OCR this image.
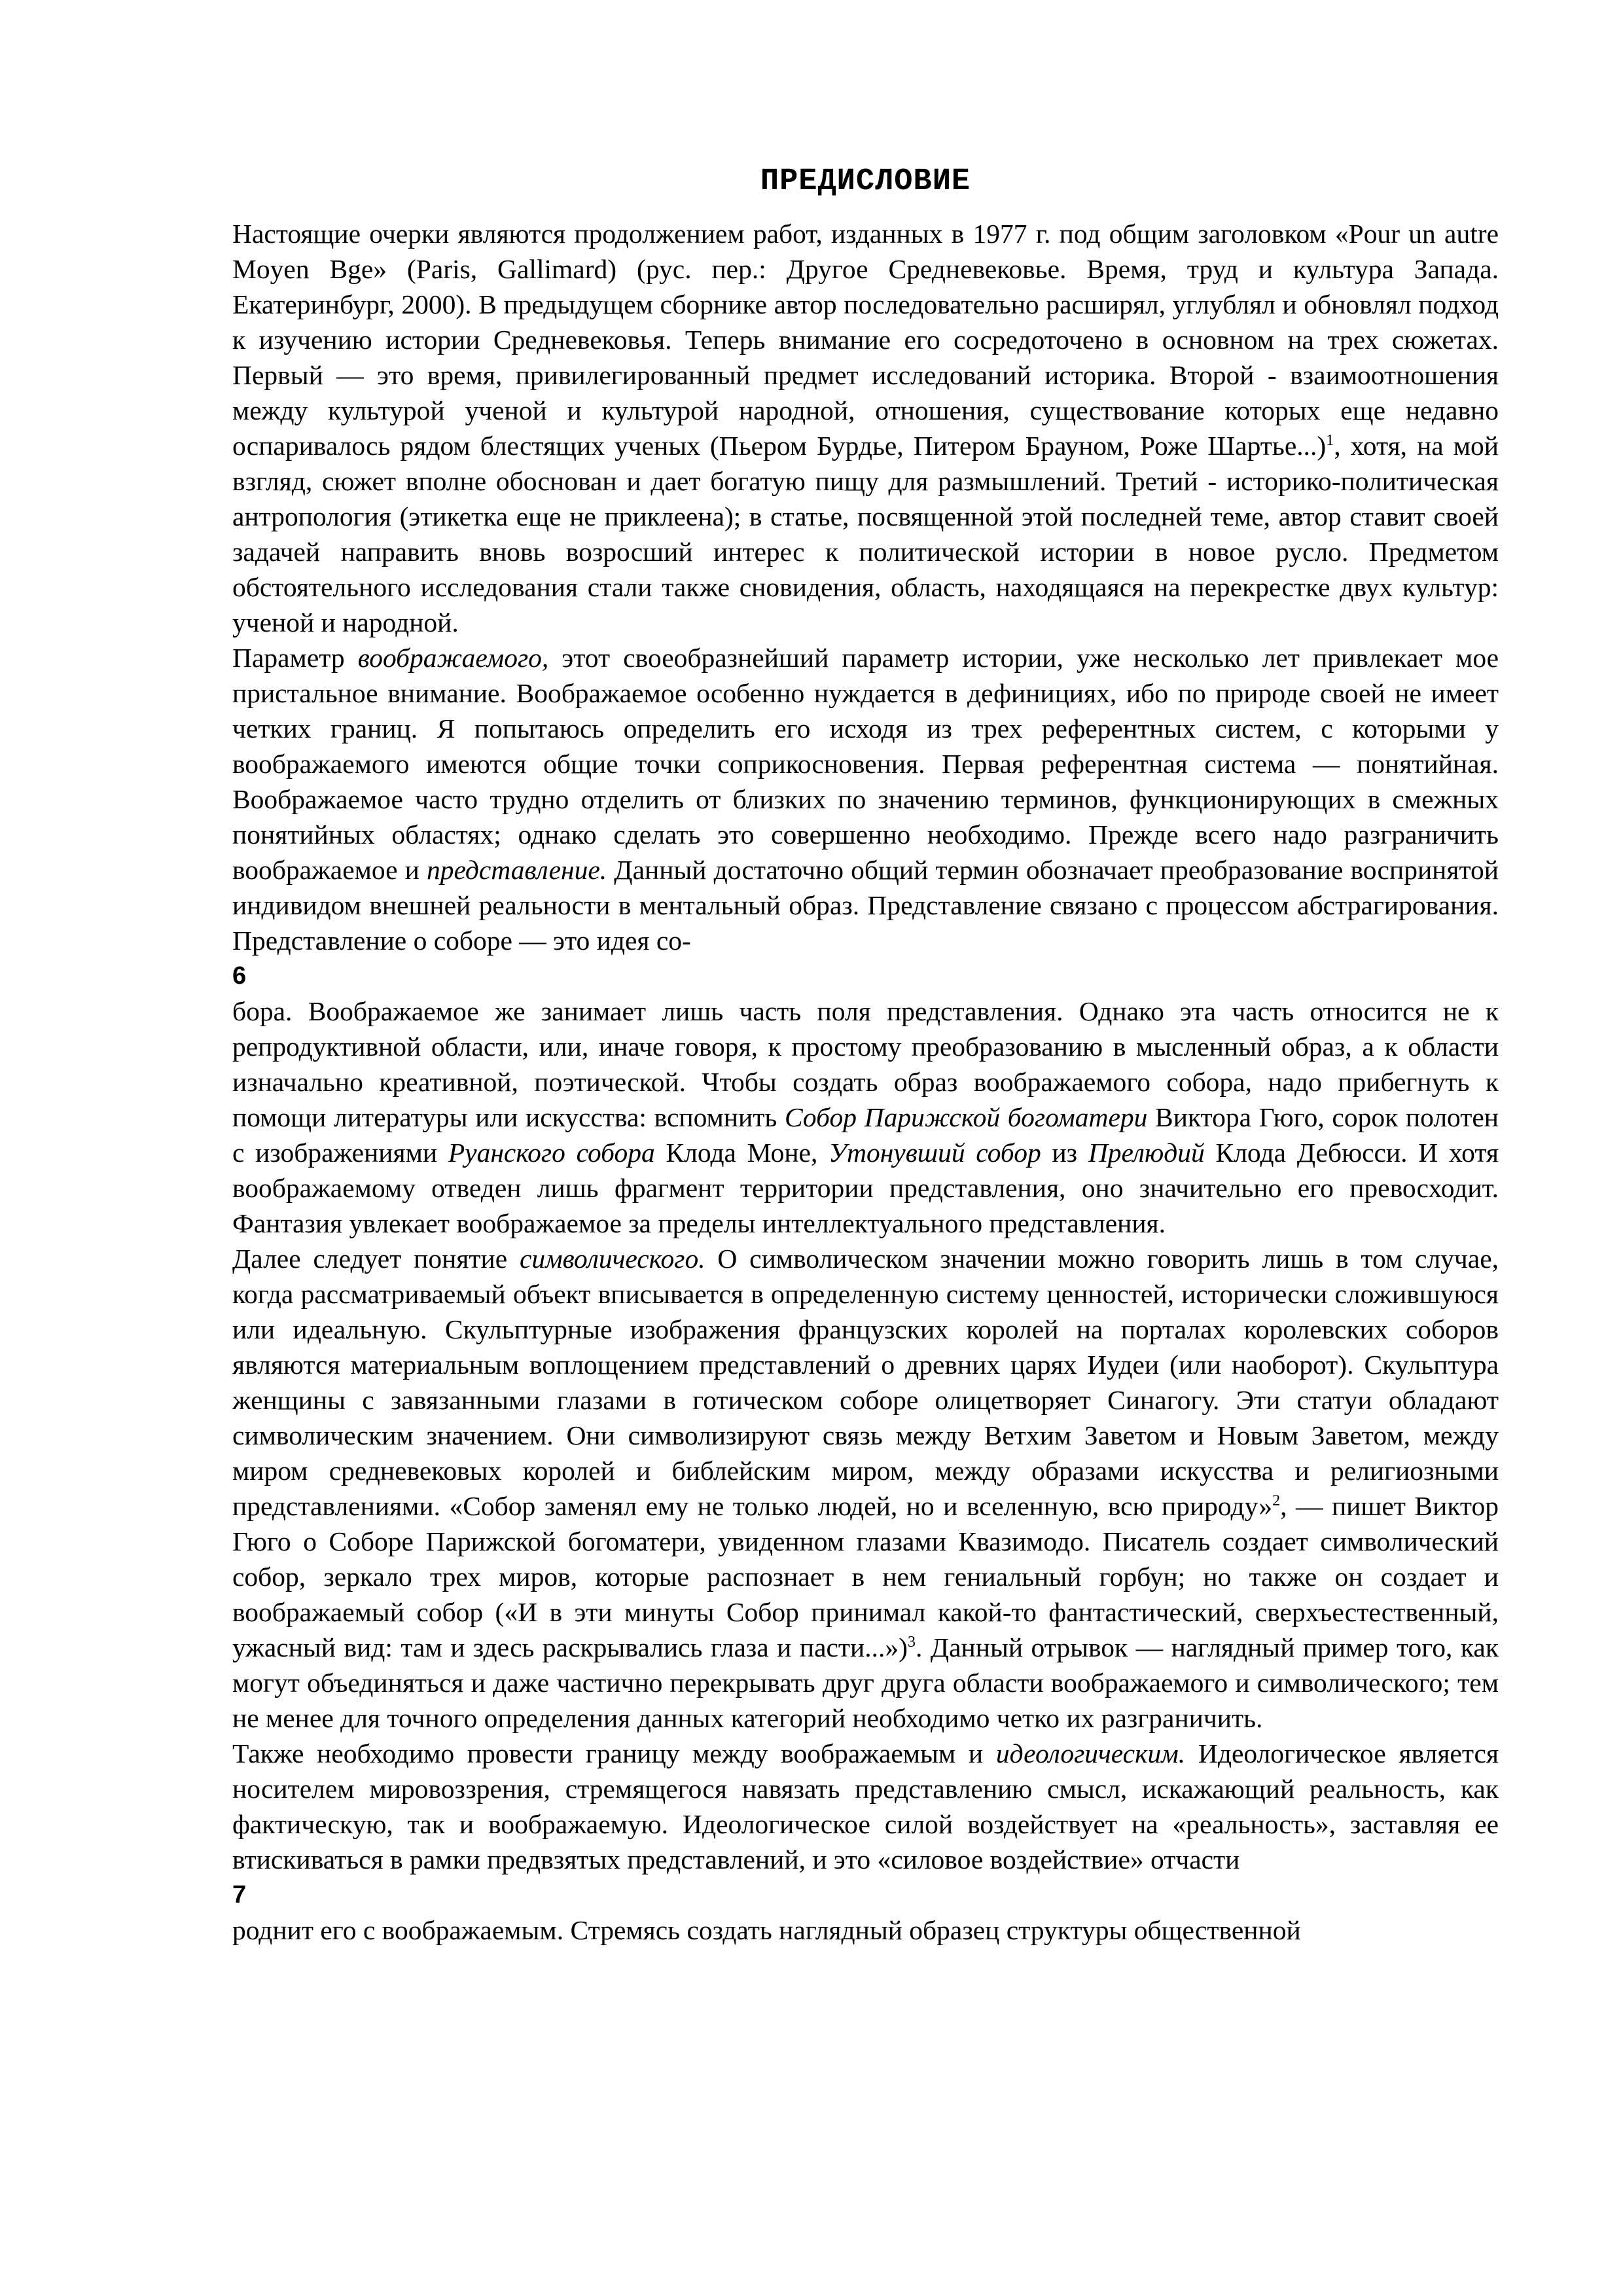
ПРЕДИСЛОВИЕ

Настоящие очерки являются продолжением работ, изданных в 1977 г. под общим заголовком «Pour un autre Moyen Bge» (Paris, Gallimard) (рус. пер.: Другое Средневековье. Время, труд и культура Запада. Екатеринбург, 2000). В предыдущем сборнике автор последовательно расширял, углублял и обновлял подход к изучению истории Средневековья. Теперь внимание его сосредоточено в основном на трех сюжетах. Первый — это время, привилегированный предмет исследований историка. Второй - взаимоотношения между культурой ученой и культурой народной, отношения, существование которых еще недавно оспаривалось рядом блестящих ученых (Пьером Бурдье, Питером Брауном, Роже Шартье...)$^1$, хотя, на мой взгляд, сюжет вполне обоснован и дает богатую пищу для размышлений. Третий - историко-политическая антропология (этикетка еще не приклеена); в статье, посвященной этой последней теме, автор ставит своей задачей направить вновь возросший интерес к политической истории в новое русло. Предметом обстоятельного исследования стали также сновидения, область, находящаяся на перекрестке двух культур: ученой и народной.

Параметр воображаемого, этот своеобразнейший параметр истории, уже несколько лет привлекает мое пристальное внимание. Воображаемое особенно нуждается в дефинициях, ибо по природе своей не имеет четких границ. Я попытаюсь определить его исходя из трех референтных систем, с которыми у воображаемого имеются общие точки соприкосновения. Первая референтная система — понятийная. Воображаемое часто трудно отделить от близких по значению терминов, функционирующих в смежных понятийных областях; однако сделать это совершенно необходимо. Прежде всего надо разграничить воображаемое и представление. Данный достаточно общий термин обозначает преобразование воспринятой индивидом внешней реальности в ментальный образ. Представление связано с процессом абстрагирования. Представление о соборе — это идея со-

6

бора. Воображаемое же занимает лишь часть поля представления. Однако эта часть относится не к репродуктивной области, или, иначе говоря, к простому преобразованию в мысленный образ, а к области изначально креативной, поэтической. Чтобы создать образ воображаемого собора, надо прибегнуть к помощи литературы или искусства: вспомнить Собор Парижской богоматери Виктора Гюго, сорок полотен с изображениями Руанского собора Клода Моне, Утонувший собор из Прелюдий Клода Дебюсси. И хотя воображаемому отведен лишь фрагмент территории представления, оно значительно его превосходит. Фантазия увлекает воображаемое за пределы интеллектуального представления.

Далее следует понятие символического. О символическом значении можно говорить лишь в том случае, когда рассматриваемый объект вписывается в определенную систему ценностей, исторически сложившуюся или идеальную. Скульптурные изображения французских королей на порталах королевских соборов являются материальным воплощением представлений о древних царях Иудеи (или наоборот). Скульптура женщины с завязанными глазами в готическом соборе олицетворяет Синагогу. Эти статуи обладают символическим значением. Они символизируют связь между Ветхим Заветом и Новым Заветом, между миром средневековых королей и библейским миром, между образами искусства и религиозными представлениями. «Собор заменял ему не только людей, но и вселенную, всю природу»$^2$, — пишет Виктор Гюго о Соборе Парижской богоматери, увиденном глазами Квазимодо. Писатель создает символический собор, зеркало трех миров, которые распознает в нем гениальный горбун; но также он создает и воображаемый собор («И в эти минуты Собор принимал какой-то фантастический, сверхъестественный, ужасный вид: там и здесь раскрывались глаза и пасти...»)$^3$. Данный отрывок — наглядный пример того, как могут объединяться и даже частично перекрывать друг друга области воображаемого и символического; тем не менее для точного определения данных категорий необходимо четко их разграничить.

Также необходимо провести границу между воображаемым и идеологическим. Идеологическое является носителем мировоззрения, стремящегося навязать представлению смысл, искажающий реальность, как фактическую, так и воображаемую. Идеологическое силой воздействует на «реальность», заставляя ее втискиваться в рамки предвзятых представлений, и это «силовое воздействие» отчасти

7

роднит его с воображаемым. Стремясь создать наглядный образец структуры общественной
